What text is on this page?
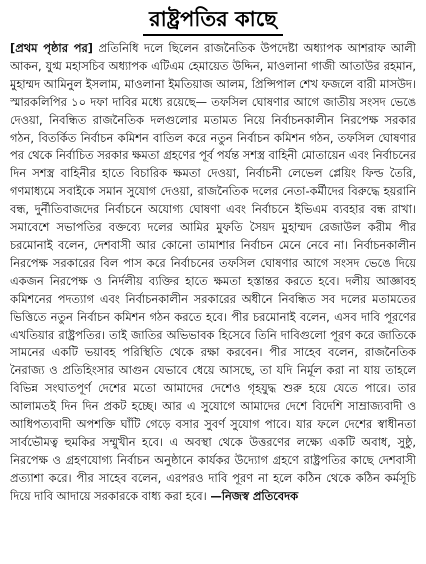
রাষ্ট্রপতির কাছে

[প্রথম পৃষ্ঠার পর] প্রতিনিধি দলে ছিলেন রাজনৈতিক উপদেষ্টা অধ্যাপক আশরাফ আলী আকন, যুগ্ম মহাসচিব অধ্যাপক এটিএম হেমায়েত উদ্দিন, মাওলানা গাজী আতাউর রহমান, মুহাম্মদ আমিনুল ইসলাম, মাওলানা ইমতিয়াজ আলম, প্রিন্সিপাল শেখ ফজলে বারী মাসউদ। স্মারকলিপির ১০ দফা দাবির মধ্যে রয়েছে— তফসিল ঘোষণার আগে জাতীয় সংসদ ভেঙে দেওয়া, নিবন্ধিত রাজনৈতিক দলগুলোর মতামত নিয়ে নির্বাচনকালীন নিরপেক্ষ সরকার গঠন, বিতর্কিত নির্বাচন কমিশন বাতিল করে নতুন নির্বাচন কমিশন গঠন, তফসিল ঘোষণার পর থেকে নির্বাচিত সরকার ক্ষমতা গ্রহণের পূর্ব পর্যন্ত সশস্ত্র বাহিনী মোতায়েন এবং নির্বাচনের দিন সশস্ত্র বাহিনীর হাতে বিচারিক ক্ষমতা দেওয়া, নির্বাচনী লেভেল প্লেয়িং ফিল্ড তৈরি, গণমাধ্যমে সবাইকে সমান সুযোগ দেওয়া, রাজনৈতিক দলের নেতা-কর্মীদের বিরুদ্ধে হয়রানি বন্ধ, দুর্নীতিবাজদের নির্বাচনে অযোগ্য ঘোষণা এবং নির্বাচনে ইভিএম ব্যবহার বন্ধ রাখা। সমাবেশে সভাপতির বক্তব্যে দলের আমির মুফতি সৈয়দ মুহাম্মদ রেজাউল করীম পীর চরমোনাই বলেন, দেশবাসী আর কোনো তামাশার নির্বাচন মেনে নেবে না। নির্বাচনকালীন নিরপেক্ষ সরকারের বিল পাস করে নির্বাচনের তফসিল ঘোষণার আগে সংসদ ভেঙে দিয়ে একজন নিরপেক্ষ ও নির্দলীয় ব্যক্তির হাতে ক্ষমতা হস্তান্তর করতে হবে। দলীয় আজ্ঞাবহ কমিশনের পদত্যাগ এবং নির্বাচনকালীন সরকারের অধীনে নিবন্ধিত সব দলের মতামতের ভিত্তিতে নতুন নির্বাচন কমিশন গঠন করতে হবে। পীর চরমোনাই বলেন, এসব দাবি পূরণের এখতিয়ার রাষ্ট্রপতির। তাই জাতির অভিভাবক হিসেবে তিনি দাবিগুলো পূরণ করে জাতিকে সামনের একটি ভয়াবহ পরিস্থিতি থেকে রক্ষা করবেন। পীর সাহেব বলেন, রাজনৈতিক নৈরাজ্য ও প্রতিহিংসার আগুন যেভাবে ধেয়ে আসছে, তা যদি নির্মূল করা না যায় তাহলে বিভিন্ন সংঘাতপূর্ণ দেশের মতো আমাদের দেশেও গৃহযুদ্ধ শুরু হয়ে যেতে পারে। তার আলামতই দিন দিন প্রকট হচ্ছে। আর এ সুযোগে আমাদের দেশে বিদেশি সাম্রাজ্যবাদী ও আধিপত্যবাদী অপশক্তি ঘাঁটি গেড়ে বসার সুবর্ণ সুযোগ পাবে। যার ফলে দেশের স্বাধীনতা সার্বভৌমত্ব হুমকির সম্মুখীন হবে। এ অবস্থা থেকে উত্তরণের লক্ষ্যে একটি অবাধ, সুষ্ঠু, নিরপেক্ষ ও গ্রহণযোগ্য নির্বাচন অনুষ্ঠানে কার্যকর উদ্যোগ গ্রহণে রাষ্ট্রপতির কাছে দেশবাসী প্রত্যাশা করে। পীর সাহেব বলেন, এরপরও দাবি পূরণ না হলে কঠিন থেকে কঠিন কর্মসূচি দিয়ে দাবি আদায়ে সরকারকে বাধ্য করা হবে। —নিজস্ব প্রতিবেদক
